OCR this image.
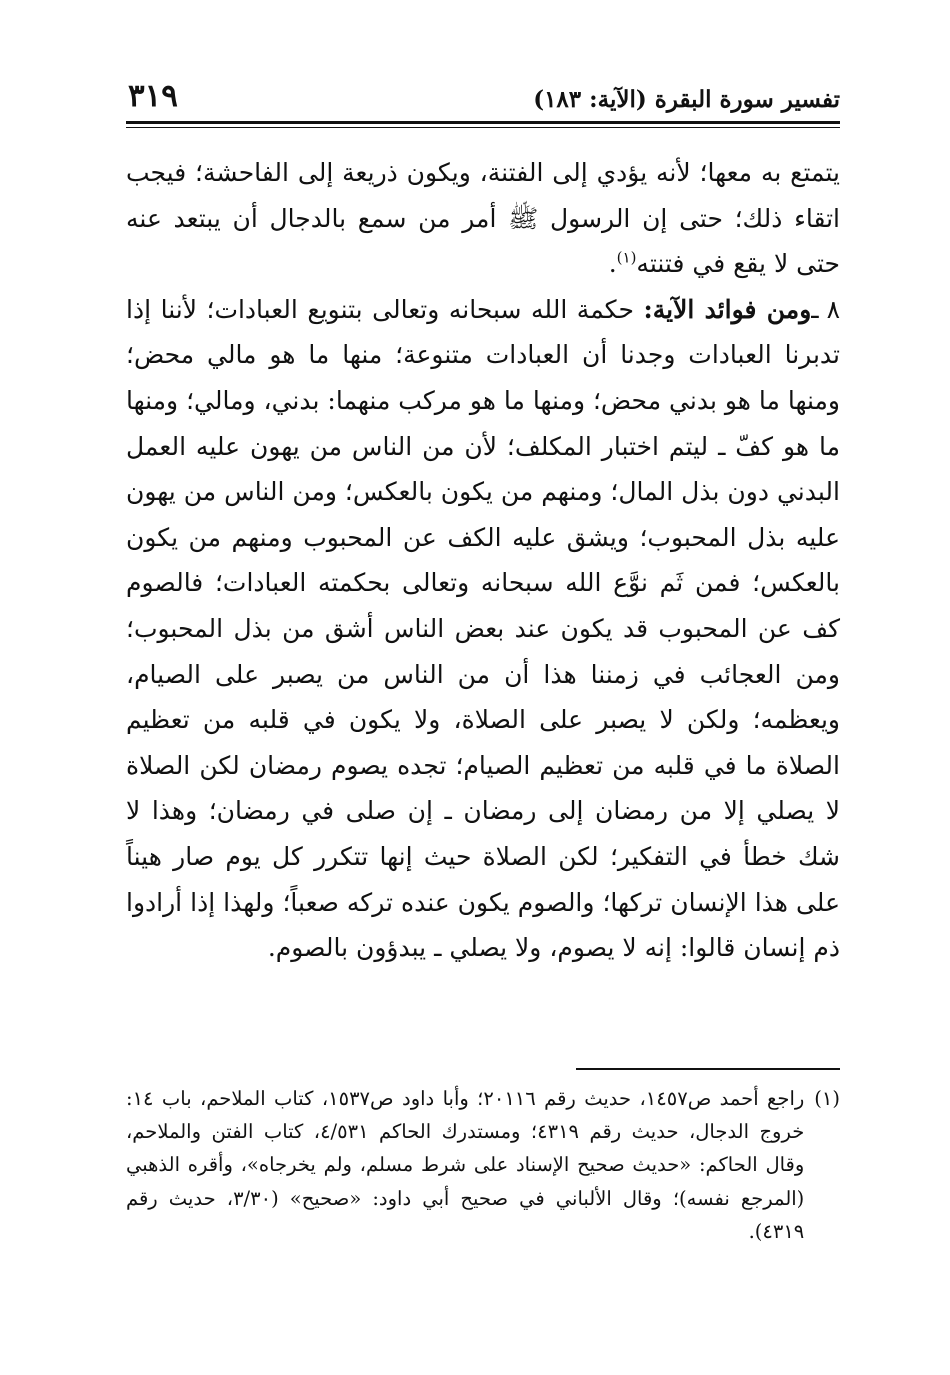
تفسير سورة البقرة (الآية: ١٨٣)
٣١٩

يتمتع به معها؛ لأنه يؤدي إلى الفتنة، ويكون ذريعة إلى الفاحشة؛ فيجب اتقاء ذلك؛ حتى إن الرسول ﷺ أمر من سمع بالدجال أن يبتعد عنه حتى لا يقع في فتنته$^{(١)}$.

٨ ـومن فوائد الآية: حكمة الله سبحانه وتعالى بتنويع العبادات؛ لأننا إذا تدبرنا العبادات وجدنا أن العبادات متنوعة؛ منها ما هو مالي محض؛ ومنها ما هو بدني محض؛ ومنها ما هو مركب منهما: بدني، ومالي؛ ومنها ما هو كفّ ـ ليتم اختبار المكلف؛ لأن من الناس من يهون عليه العمل البدني دون بذل المال؛ ومنهم من يكون بالعكس؛ ومن الناس من يهون عليه بذل المحبوب؛ ويشق عليه الكف عن المحبوب ومنهم من يكون بالعكس؛ فمن ثَم نوَّع الله سبحانه وتعالى بحكمته العبادات؛ فالصوم كف عن المحبوب قد يكون عند بعض الناس أشق من بذل المحبوب؛ ومن العجائب في زمننا هذا أن من الناس من يصبر على الصيام، ويعظمه؛ ولكن لا يصبر على الصلاة، ولا يكون في قلبه من تعظيم الصلاة ما في قلبه من تعظيم الصيام؛ تجده يصوم رمضان لكن الصلاة لا يصلي إلا من رمضان إلى رمضان ـ إن صلى في رمضان؛ وهذا لا شك خطأ في التفكير؛ لكن الصلاة حيث إنها تتكرر كل يوم صار هيناً على هذا الإنسان تركها؛ والصوم يكون عنده تركه صعباً؛ ولهذا إذا أرادوا ذم إنسان قالوا: إنه لا يصوم، ولا يصلي ـ يبدؤون بالصوم.

(١)
راجع أحمد ص١٤٥٧، حديث رقم ٢٠١١٦؛ وأبا داود ص١٥٣٧، كتاب الملاحم، باب ١٤: خروج الدجال، حديث رقم ٤٣١٩؛ ومستدرك الحاكم ٤/٥٣١، كتاب الفتن والملاحم، وقال الحاكم: «حديث صحيح الإسناد على شرط مسلم، ولم يخرجاه»، وأقره الذهبي (المرجع نفسه)؛ وقال الألباني في صحيح أبي داود: «صحيح» (٣/٣٠، حديث رقم ٤٣١٩).
